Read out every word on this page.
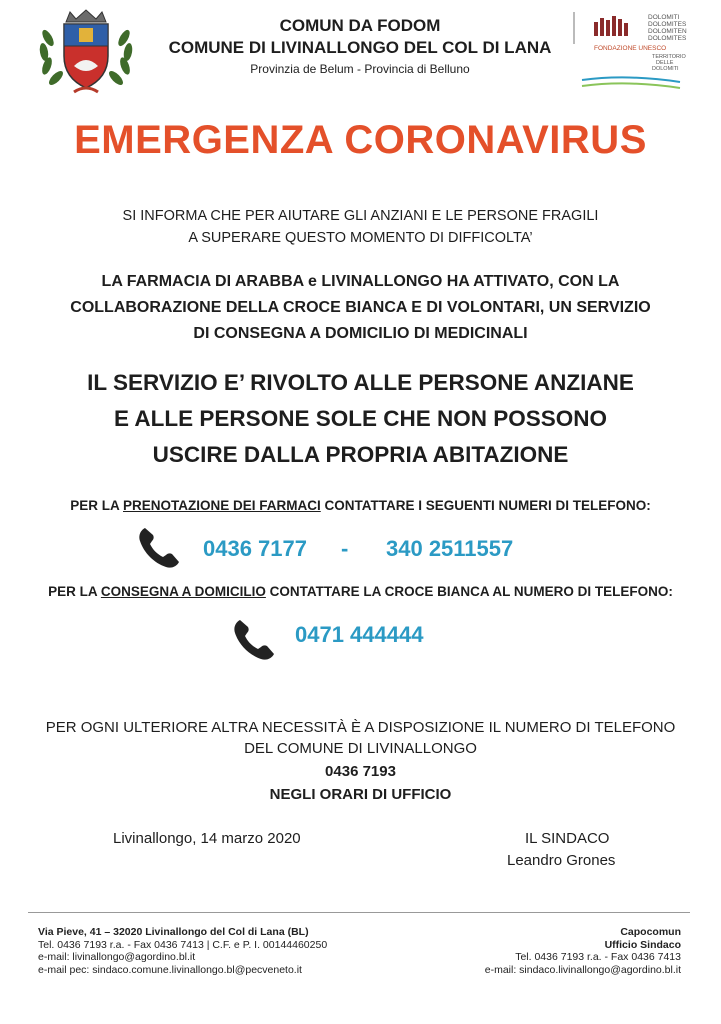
COMUN DA FODOM
COMUNE DI LIVINALLONGO DEL COL DI LANA
Provinzia de Belum - Provincia di Belluno
DOLOMITI
DOLOMITES
DOLOMITEN
DOLOMITES
FONDAZIONE UNESCO
TERRITORIO
DELLE
DOLOMITI
EMERGENZA CORONAVIRUS
SI INFORMA CHE PER AIUTARE GLI ANZIANI E LE PERSONE FRAGILI
A SUPERARE QUESTO MOMENTO DI DIFFICOLTA’
LA FARMACIA DI ARABBA e LIVINALLONGO HA ATTIVATO, CON LA
COLLABORAZIONE DELLA CROCE BIANCA E DI VOLONTARI, UN SERVIZIO
DI CONSEGNA A DOMICILIO DI MEDICINALI
IL SERVIZIO E’ RIVOLTO ALLE PERSONE ANZIANE
E ALLE PERSONE SOLE CHE NON POSSONO
USCIRE DALLA PROPRIA ABITAZIONE
PER LA PRENOTAZIONE DEI FARMACI CONTATTARE I SEGUENTI NUMERI DI TELEFONO:
0436 7177 - 340 2511557
PER LA CONSEGNA A DOMICILIO CONTATTARE LA CROCE BIANCA AL NUMERO DI TELEFONO:
0471 444444
PER OGNI ULTERIORE ALTRA NECESSITÀ È A DISPOSIZIONE IL NUMERO DI TELEFONO
DEL COMUNE DI LIVINALLONGO
0436 7193
NEGLI ORARI DI UFFICIO
Livinallongo, 14 marzo 2020	IL SINDACO
Leandro Grones
Via Pieve, 41 – 32020 Livinallongo del Col di Lana (BL)
Tel. 0436 7193 r.a. - Fax 0436 7413 | C.F. e P. I. 00144460250
e-mail: livinallongo@agordino.bl.it
e-mail pec: sindaco.comune.livinallongo.bl@pecveneto.it
Capocomun
Ufficio Sindaco
Tel. 0436 7193 r.a. - Fax 0436 7413
e-mail: sindaco.livinallongo@agordino.bl.it
